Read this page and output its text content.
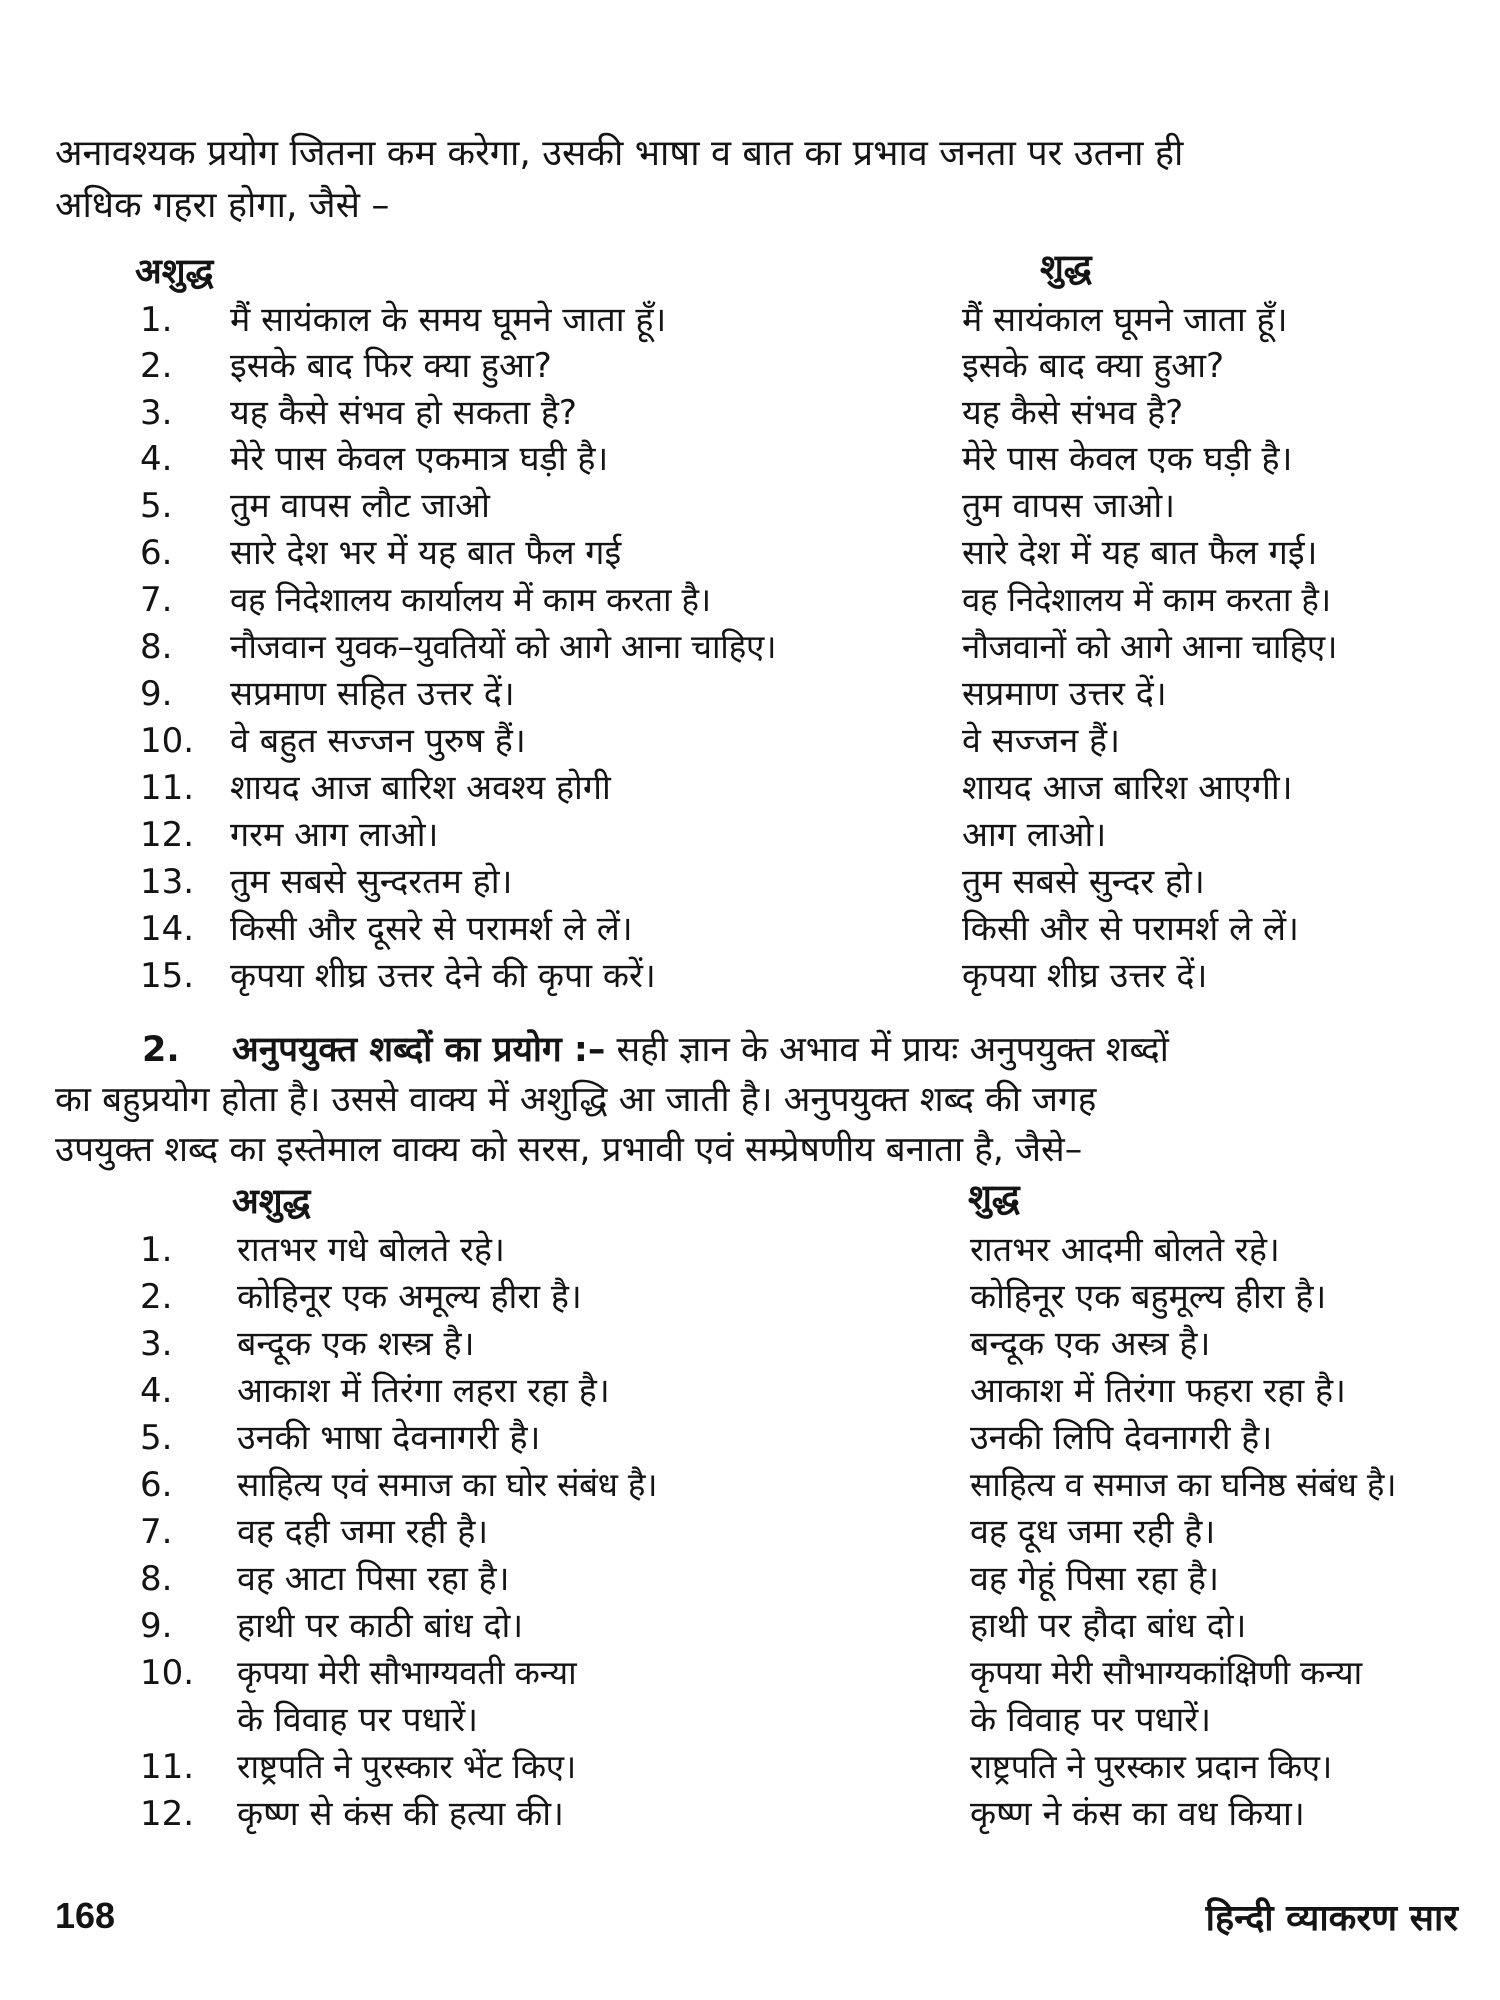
अनावश्यक प्रयोग जितना कम करेगा, उसकी भाषा व बात का प्रभाव जनता पर उतना ही
अधिक गहरा होगा, जैसे –

अशुद्ध	शुद्ध
1. मैं सायंकाल के समय घूमने जाता हूँ।	मैं सायंकाल घूमने जाता हूँ।
2. इसके बाद फिर क्या हुआ?	इसके बाद क्या हुआ?
3. यह कैसे संभव हो सकता है?	यह कैसे संभव है?
4. मेरे पास केवल एकमात्र घड़ी है।	मेरे पास केवल एक घड़ी है।
5. तुम वापस लौट जाओ	तुम वापस जाओ।
6. सारे देश भर में यह बात फैल गई	सारे देश में यह बात फैल गई।
7. वह निदेशालय कार्यालय में काम करता है।	वह निदेशालय में काम करता है।
8. नौजवान युवक–युवतियों को आगे आना चाहिए।	नौजवानों को आगे आना चाहिए।
9. सप्रमाण सहित उत्तर दें।	सप्रमाण उत्तर दें।
10. वे बहुत सज्जन पुरुष हैं।	वे सज्जन हैं।
11. शायद आज बारिश अवश्य होगी	शायद आज बारिश आएगी।
12. गरम आग लाओ।	आग लाओ।
13. तुम सबसे सुन्दरतम हो।	तुम सबसे सुन्दर हो।
14. किसी और दूसरे से परामर्श ले लें।	किसी और से परामर्श ले लें।
15. कृपया शीघ्र उत्तर देने की कृपा करें।	कृपया शीघ्र उत्तर दें।

2. अनुपयुक्त शब्दों का प्रयोग :– सही ज्ञान के अभाव में प्रायः अनुपयुक्त शब्दों
का बहुप्रयोग होता है। उससे वाक्य में अशुद्धि आ जाती है। अनुपयुक्त शब्द की जगह
उपयुक्त शब्द का इस्तेमाल वाक्य को सरस, प्रभावी एवं सम्प्रेषणीय बनाता है, जैसे–

अशुद्ध	शुद्ध
1. रातभर गधे बोलते रहे।	रातभर आदमी बोलते रहे।
2. कोहिनूर एक अमूल्य हीरा है।	कोहिनूर एक बहुमूल्य हीरा है।
3. बन्दूक एक शस्त्र है।	बन्दूक एक अस्त्र है।
4. आकाश में तिरंगा लहरा रहा है।	आकाश में तिरंगा फहरा रहा है।
5. उनकी भाषा देवनागरी है।	उनकी लिपि देवनागरी है।
6. साहित्य एवं समाज का घोर संबंध है।	साहित्य व समाज का घनिष्ठ संबंध है।
7. वह दही जमा रही है।	वह दूध जमा रही है।
8. वह आटा पिसा रहा है।	वह गेहूं पिसा रहा है।
9. हाथी पर काठी बांध दो।	हाथी पर हौदा बांध दो।
10. कृपया मेरी सौभाग्यवती कन्या	कृपया मेरी सौभाग्यकांक्षिणी कन्या
के विवाह पर पधारें।	के विवाह पर पधारें।
11. राष्ट्रपति ने पुरस्कार भेंट किए।	राष्ट्रपति ने पुरस्कार प्रदान किए।
12. कृष्ण से कंस की हत्या की।	कृष्ण ने कंस का वध किया।
168	हिन्दी व्याकरण सार
